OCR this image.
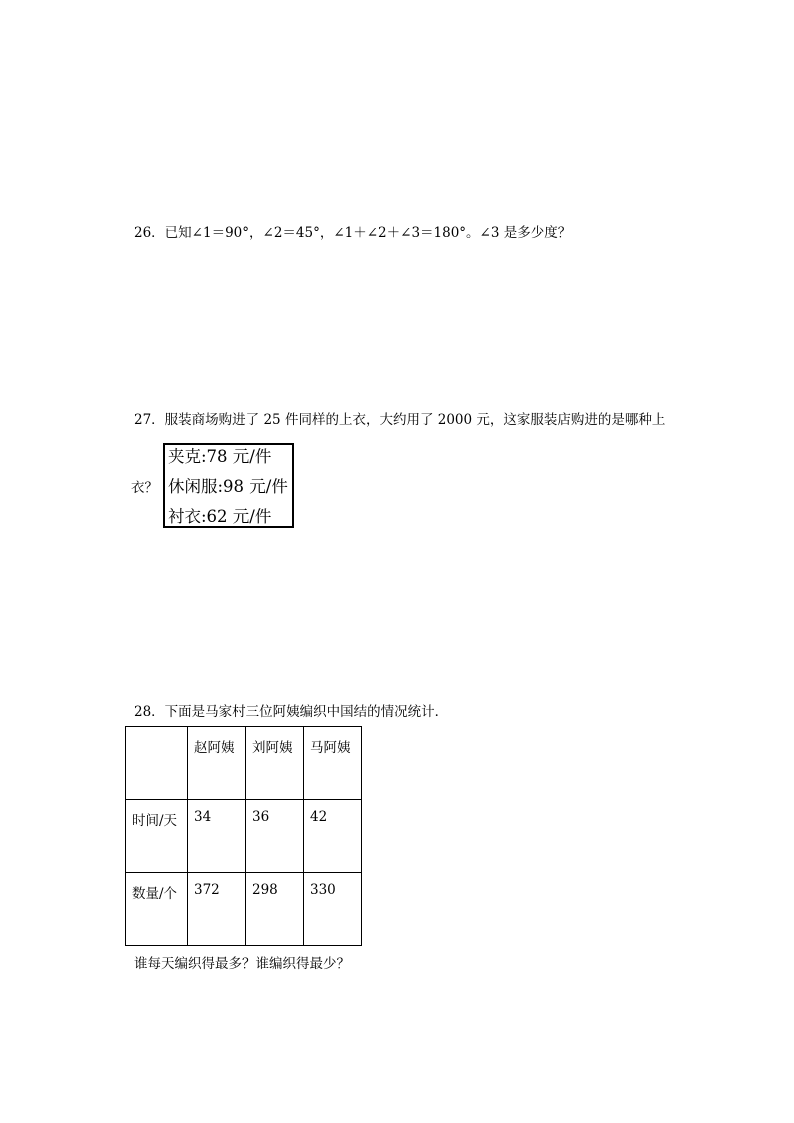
26．已知∠1＝90°，∠2＝45°，∠1＋∠2＋∠3＝180°。∠3 是多少度？
27．服装商场购进了 25 件同样的上衣，大约用了 2000 元，这家服装店购进的是哪种上
衣？
夹克:78 元/件
休闲服:98 元/件
衬衣:62 元/件
28．下面是马家村三位阿姨编织中国结的情况统计．
	赵阿姨	刘阿姨	马阿姨
时间/天	34	36	42
数量/个	372	298	330
谁每天编织得最多？谁编织得最少？
